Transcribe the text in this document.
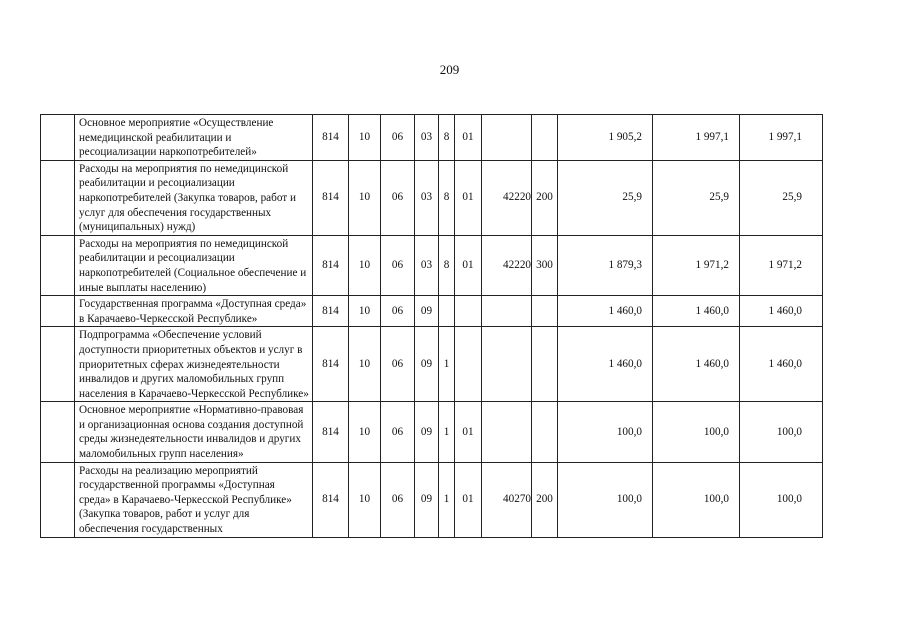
209
	Основное мероприятие «Осуществление немедицинской реабилитации и ресоциализации наркопотребителей»	814	10	06	03	8	01			1 905,2	1 997,1	1 997,1
	Расходы на мероприятия по немедицинской реабилитации и ресоциализации наркопотребителей (Закупка товаров, работ и услуг для обеспечения государственных (муниципальных) нужд)	814	10	06	03	8	01	42220	200	25,9	25,9	25,9
	Расходы на мероприятия по немедицинской реабилитации и ресоциализации наркопотребителей (Социальное обеспечение и иные выплаты населению)	814	10	06	03	8	01	42220	300	1 879,3	1 971,2	1 971,2
	Государственная программа «Доступная среда» в Карачаево-Черкесской Республике»	814	10	06	09					1 460,0	1 460,0	1 460,0
	Подпрограмма «Обеспечение условий доступности приоритетных объектов и услуг в приоритетных сферах жизнедеятельности инвалидов и других маломобильных групп населения в Карачаево-Черкесской Республике»	814	10	06	09	1				1 460,0	1 460,0	1 460,0
	Основное мероприятие «Нормативно-правовая и организационная основа создания доступной среды жизнедеятельности инвалидов и других маломобильных групп населения»	814	10	06	09	1	01			100,0	100,0	100,0
	Расходы на реализацию мероприятий государственной программы «Доступная среда» в Карачаево-Черкесской Республике» (Закупка товаров, работ и услуг для обеспечения государственных	814	10	06	09	1	01	40270	200	100,0	100,0	100,0
